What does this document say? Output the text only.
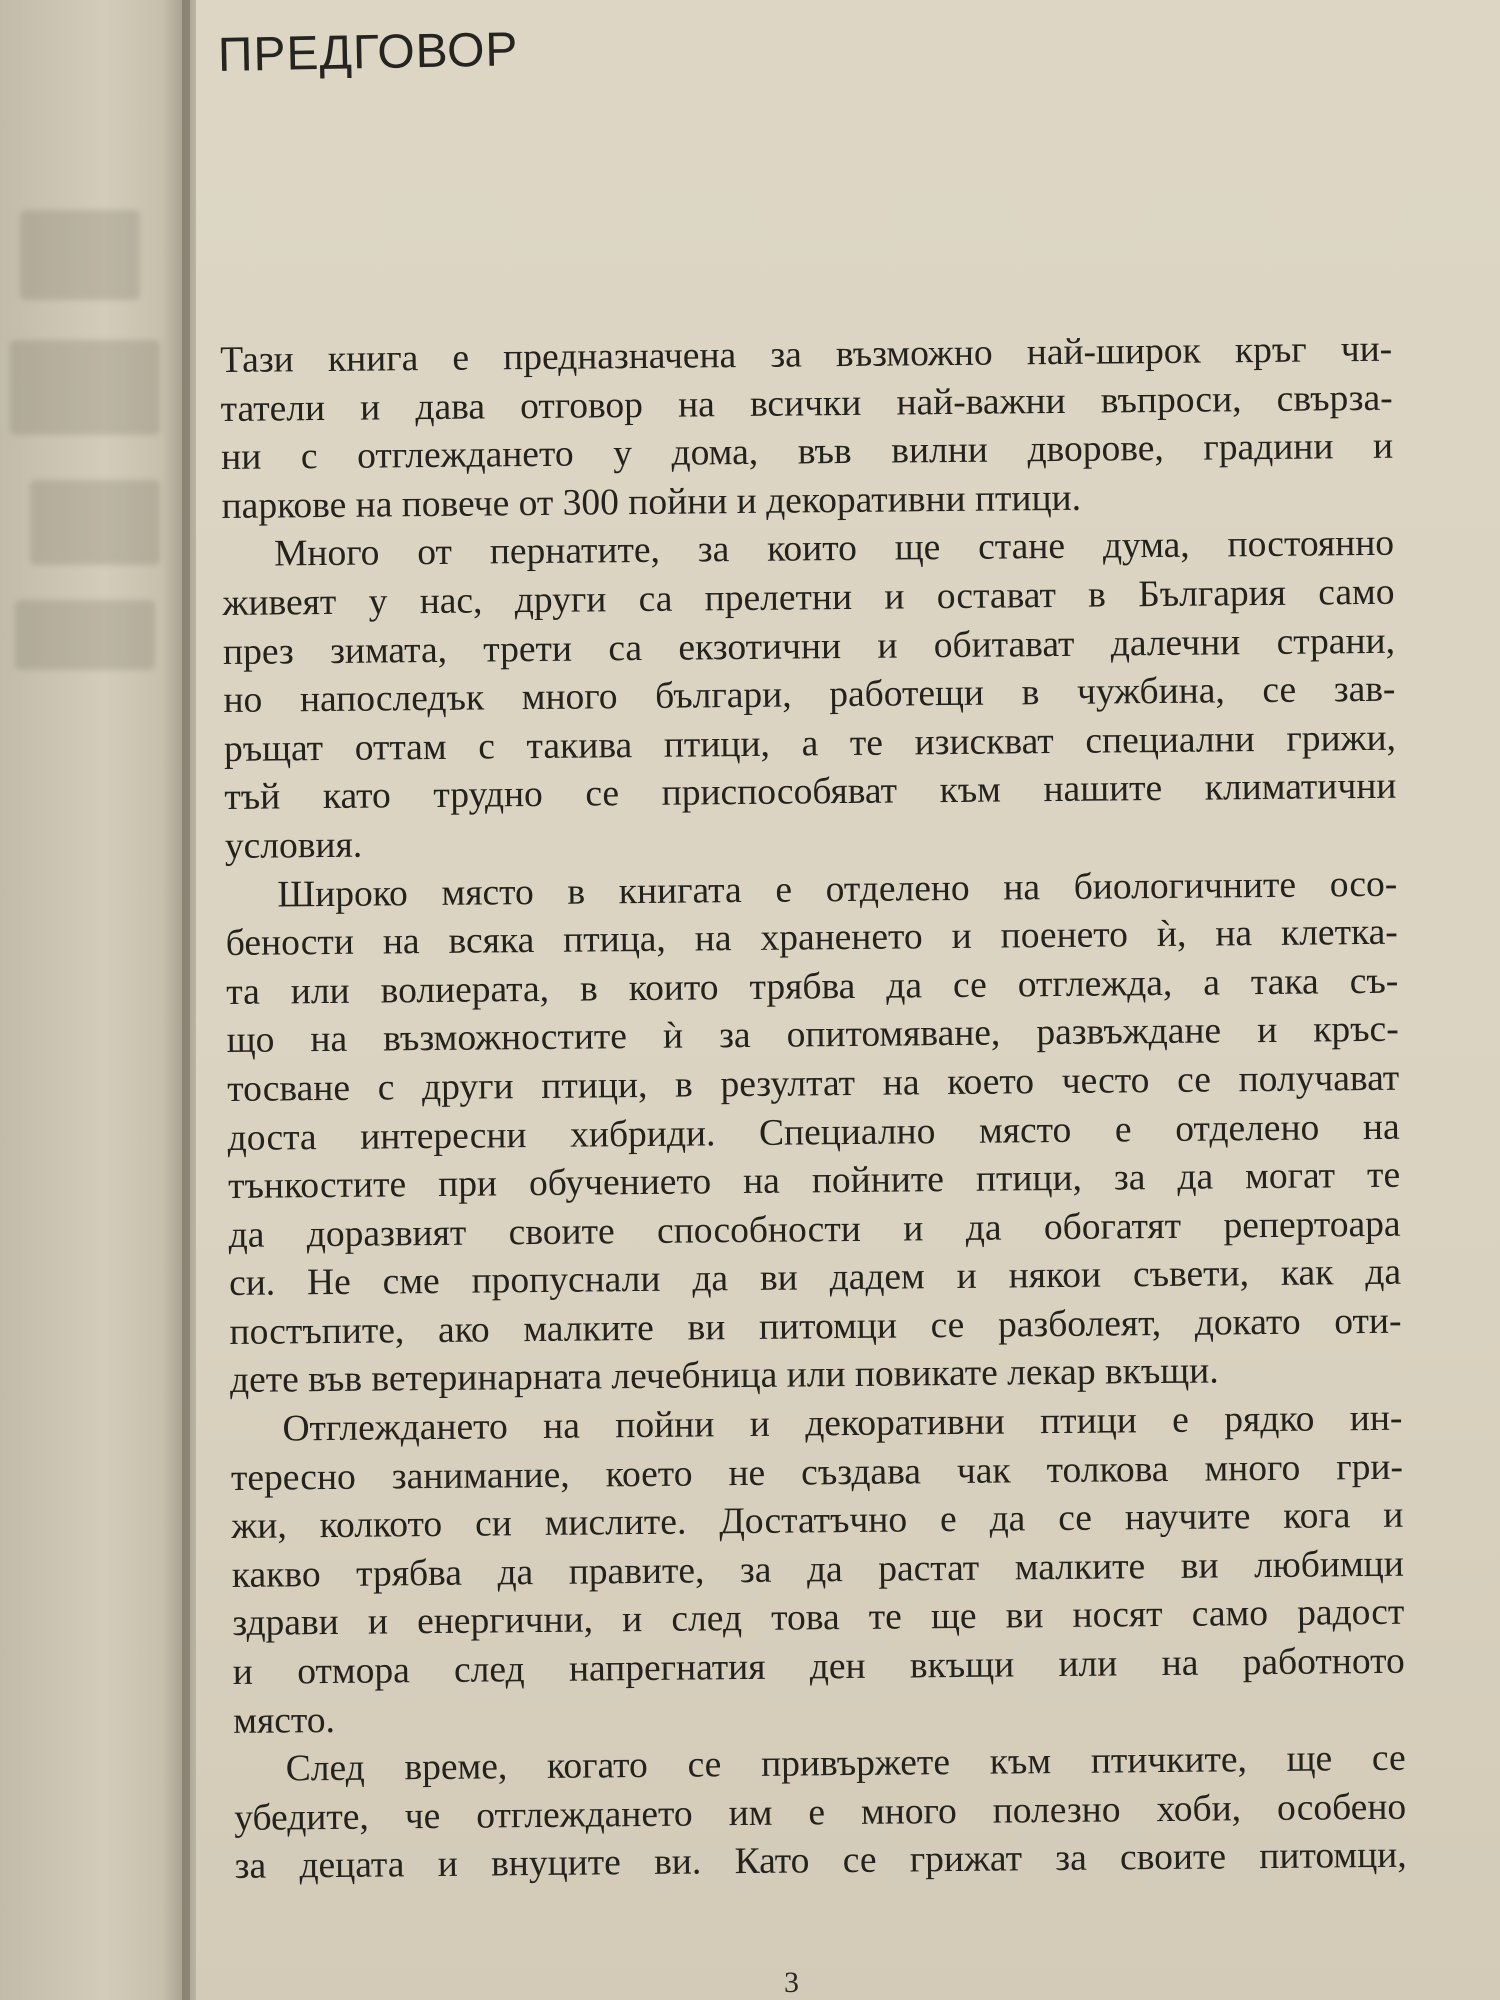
ПРЕДГОВОР
Тази книга е предназначена за възможно най-широк кръг чи-
татели и дава отговор на всички най-важни въпроси, свърза-
ни с отглеждането у дома, във вилни дворове, градини и
паркове на повече от 300 пойни и декоративни птици.
Много от пернатите, за които ще стане дума, постоянно
живеят у нас, други са прелетни и остават в България само
през зимата, трети са екзотични и обитават далечни страни,
но напоследък много българи, работещи в чужбина, се зав-
ръщат оттам с такива птици, а те изискват специални грижи,
тъй като трудно се приспособяват към нашите климатични
условия.
Широко място в книгата е отделено на биологичните осо-
бености на всяка птица, на храненето и поенето ѝ, на клетка-
та или волиерата, в които трябва да се отглежда, а така съ-
що на възможностите ѝ за опитомяване, развъждане и кръс-
тосване с други птици, в резултат на което често се получават
доста интересни хибриди. Специално място е отделено на
тънкостите при обучението на пойните птици, за да могат те
да доразвият своите способности и да обогатят репертоара
си. Не сме пропуснали да ви дадем и някои съвети, как да
постъпите, ако малките ви питомци се разболеят, докато оти-
дете във ветеринарната лечебница или повикате лекар вкъщи.
Отглеждането на пойни и декоративни птици е рядко ин-
тересно занимание, което не създава чак толкова много гри-
жи, колкото си мислите. Достатъчно е да се научите кога и
какво трябва да правите, за да растат малките ви любимци
здрави и енергични, и след това те ще ви носят само радост
и отмора след напрегнатия ден вкъщи или на работното
място.
След време, когато се привържете към птичките, ще се
убедите, че отглеждането им е много полезно хоби, особено
за децата и внуците ви. Като се грижат за своите питомци,

3
